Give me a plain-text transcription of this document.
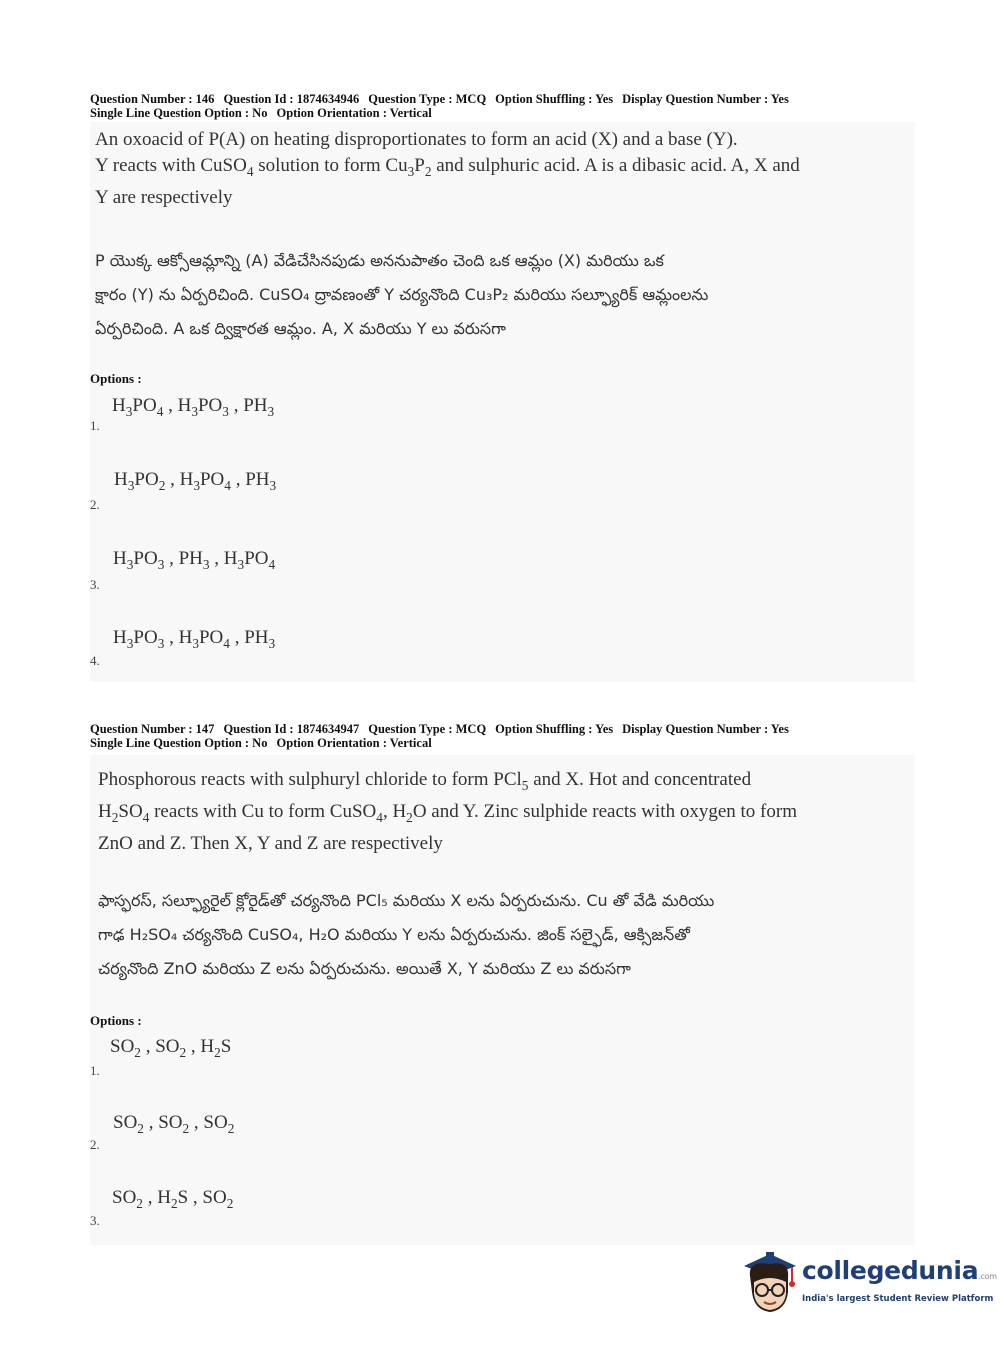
Question Number : 146 Question Id : 1874634946 Question Type : MCQ Option Shuffling : Yes Display Question Number : Yes
Single Line Question Option : No Option Orientation : Vertical
An oxoacid of P(A) on heating disproportionates to form an acid (X) and a base (Y).
Y reacts with CuSO$_4$ solution to form $Cu_3P_2$ and sulphuric acid. A is a dibasic acid. A, X and
Y are respectively
P యొక్క ఆక్సోఆమ్లాన్ని (A) వేడిచేసినపుడు అననుపాతం చెంది ఒక ఆమ్లం (X) మరియు ఒక
క్షారం (Y) ను ఏర్పరిచింది. CuSO₄ ద్రావణంతో Y చర్యనొంది Cu₃P₂ మరియు సల్ఫ్యూరిక్ ఆమ్లంలను
ఏర్పరిచింది. A ఒక ద్విక్షారత ఆమ్లం. A, X మరియు Y లు వరుసగా
Options :
$H_3PO_4$ , $H_3PO_3$ , $PH_3$
1.
$H_3PO_2$ , $H_3PO_4$ , $PH_3$
2.
$H_3PO_3$ , $PH_3$ , $H_3PO_4$
3.
$H_3PO_3$ , $H_3PO_4$ , $PH_3$
4.
Question Number : 147 Question Id : 1874634947 Question Type : MCQ Option Shuffling : Yes Display Question Number : Yes
Single Line Question Option : No Option Orientation : Vertical
Phosphorous reacts with sulphuryl chloride to form PCl$_5$ and X. Hot and concentrated
$H_2SO_4$ reacts with Cu to form CuSO$_4$, $H_2O$ and Y. Zinc sulphide reacts with oxygen to form
ZnO and Z. Then X, Y and Z are respectively
ఫాస్ఫరస్, సల్ఫ్యూరైల్ క్లోరైడ్‌తో చర్యనొంది PCl₅ మరియు X లను ఏర్పరుచును. Cu తో వేడి మరియు
గాఢ H₂SO₄ చర్యనొంది CuSO₄, H₂O మరియు Y లను ఏర్పరుచును. జింక్ సల్ఫైడ్, ఆక్సిజన్‌తో
చర్యనొంది ZnO మరియు Z లను ఏర్పరుచును. అయితే X, Y మరియు Z లు వరుసగా
Options :
$SO_2$ , $SO_2$ , $H_2S$
1.
$SO_2$ , $SO_2$ , $SO_2$
2.
$SO_2$ , $H_2S$ , $SO_2$
3.
collegedunia.com
India's largest Student Review Platform
